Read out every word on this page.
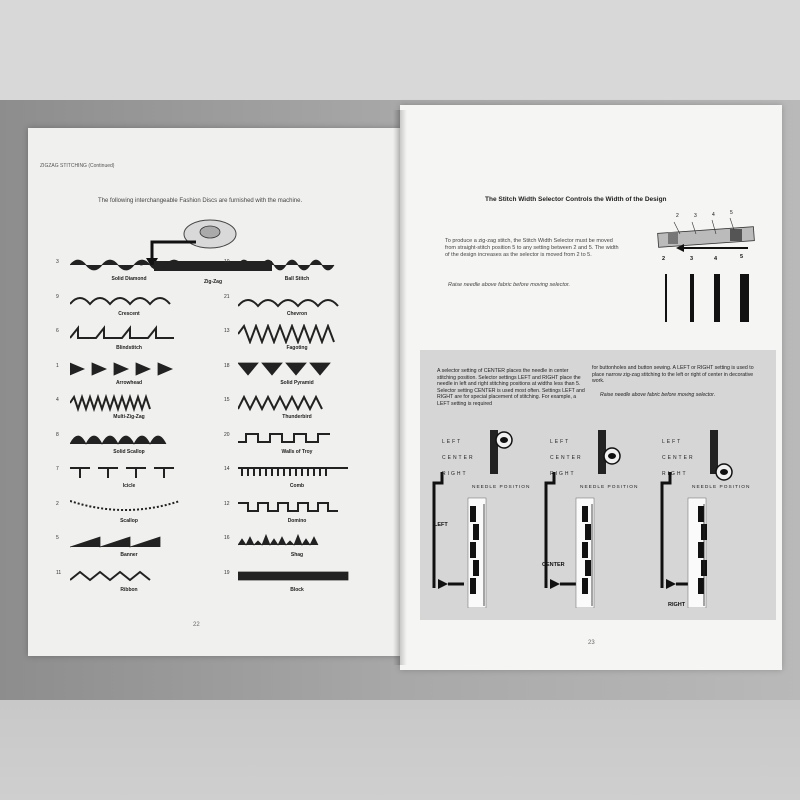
ZIGZAG STITCHING (Continued)
The following interchangeable Fashion Discs are furnished with the machine.
Zig-Zag
3
Solid Diamond
10
Ball Stitch
9
Crescent
21
Chevron
6
Blindstitch
13
Fagoting
1
Arrowhead
18
Solid Pyramid
4
Multi-Zig-Zag
15
Thunderbird
8
Solid Scallop
20
Walls of Troy
7
Icicle
14
Comb
2
Scallop
12
Domino
5
Banner
16
Shag
11
Ribbon
19
Block
22
The Stitch Width Selector Controls the Width of the Design
To produce a zig-zag stitch, the Stitch Width Selector must be moved from straight-stitch position 5 to any setting between 2 and 5. The width of the design increases as the selector is moved from 2 to 5.
Raise needle above fabric before moving selector.
2	3	4	5
2	3	4	5
A selector setting of CENTER places the needle in center stitching position. Selector settings LEFT and RIGHT place the needle in left and right stitching positions at widths less than 5. Selector setting CENTER is used most often. Settings LEFT and RIGHT are for special placement of stitching. For example, a LEFT setting is required
for buttonholes and button sewing. A LEFT or RIGHT setting is used to place narrow zig-zag stitching to the left or right of center in decorative work.
Raise needle above fabric before moving selector.
LEFT
CENTER
RIGHT
NEEDLE POSITION
LEFT
LEFT
CENTER
RIGHT
NEEDLE POSITION
CENTER
LEFT
CENTER
RIGHT
NEEDLE POSITION
RIGHT
23
